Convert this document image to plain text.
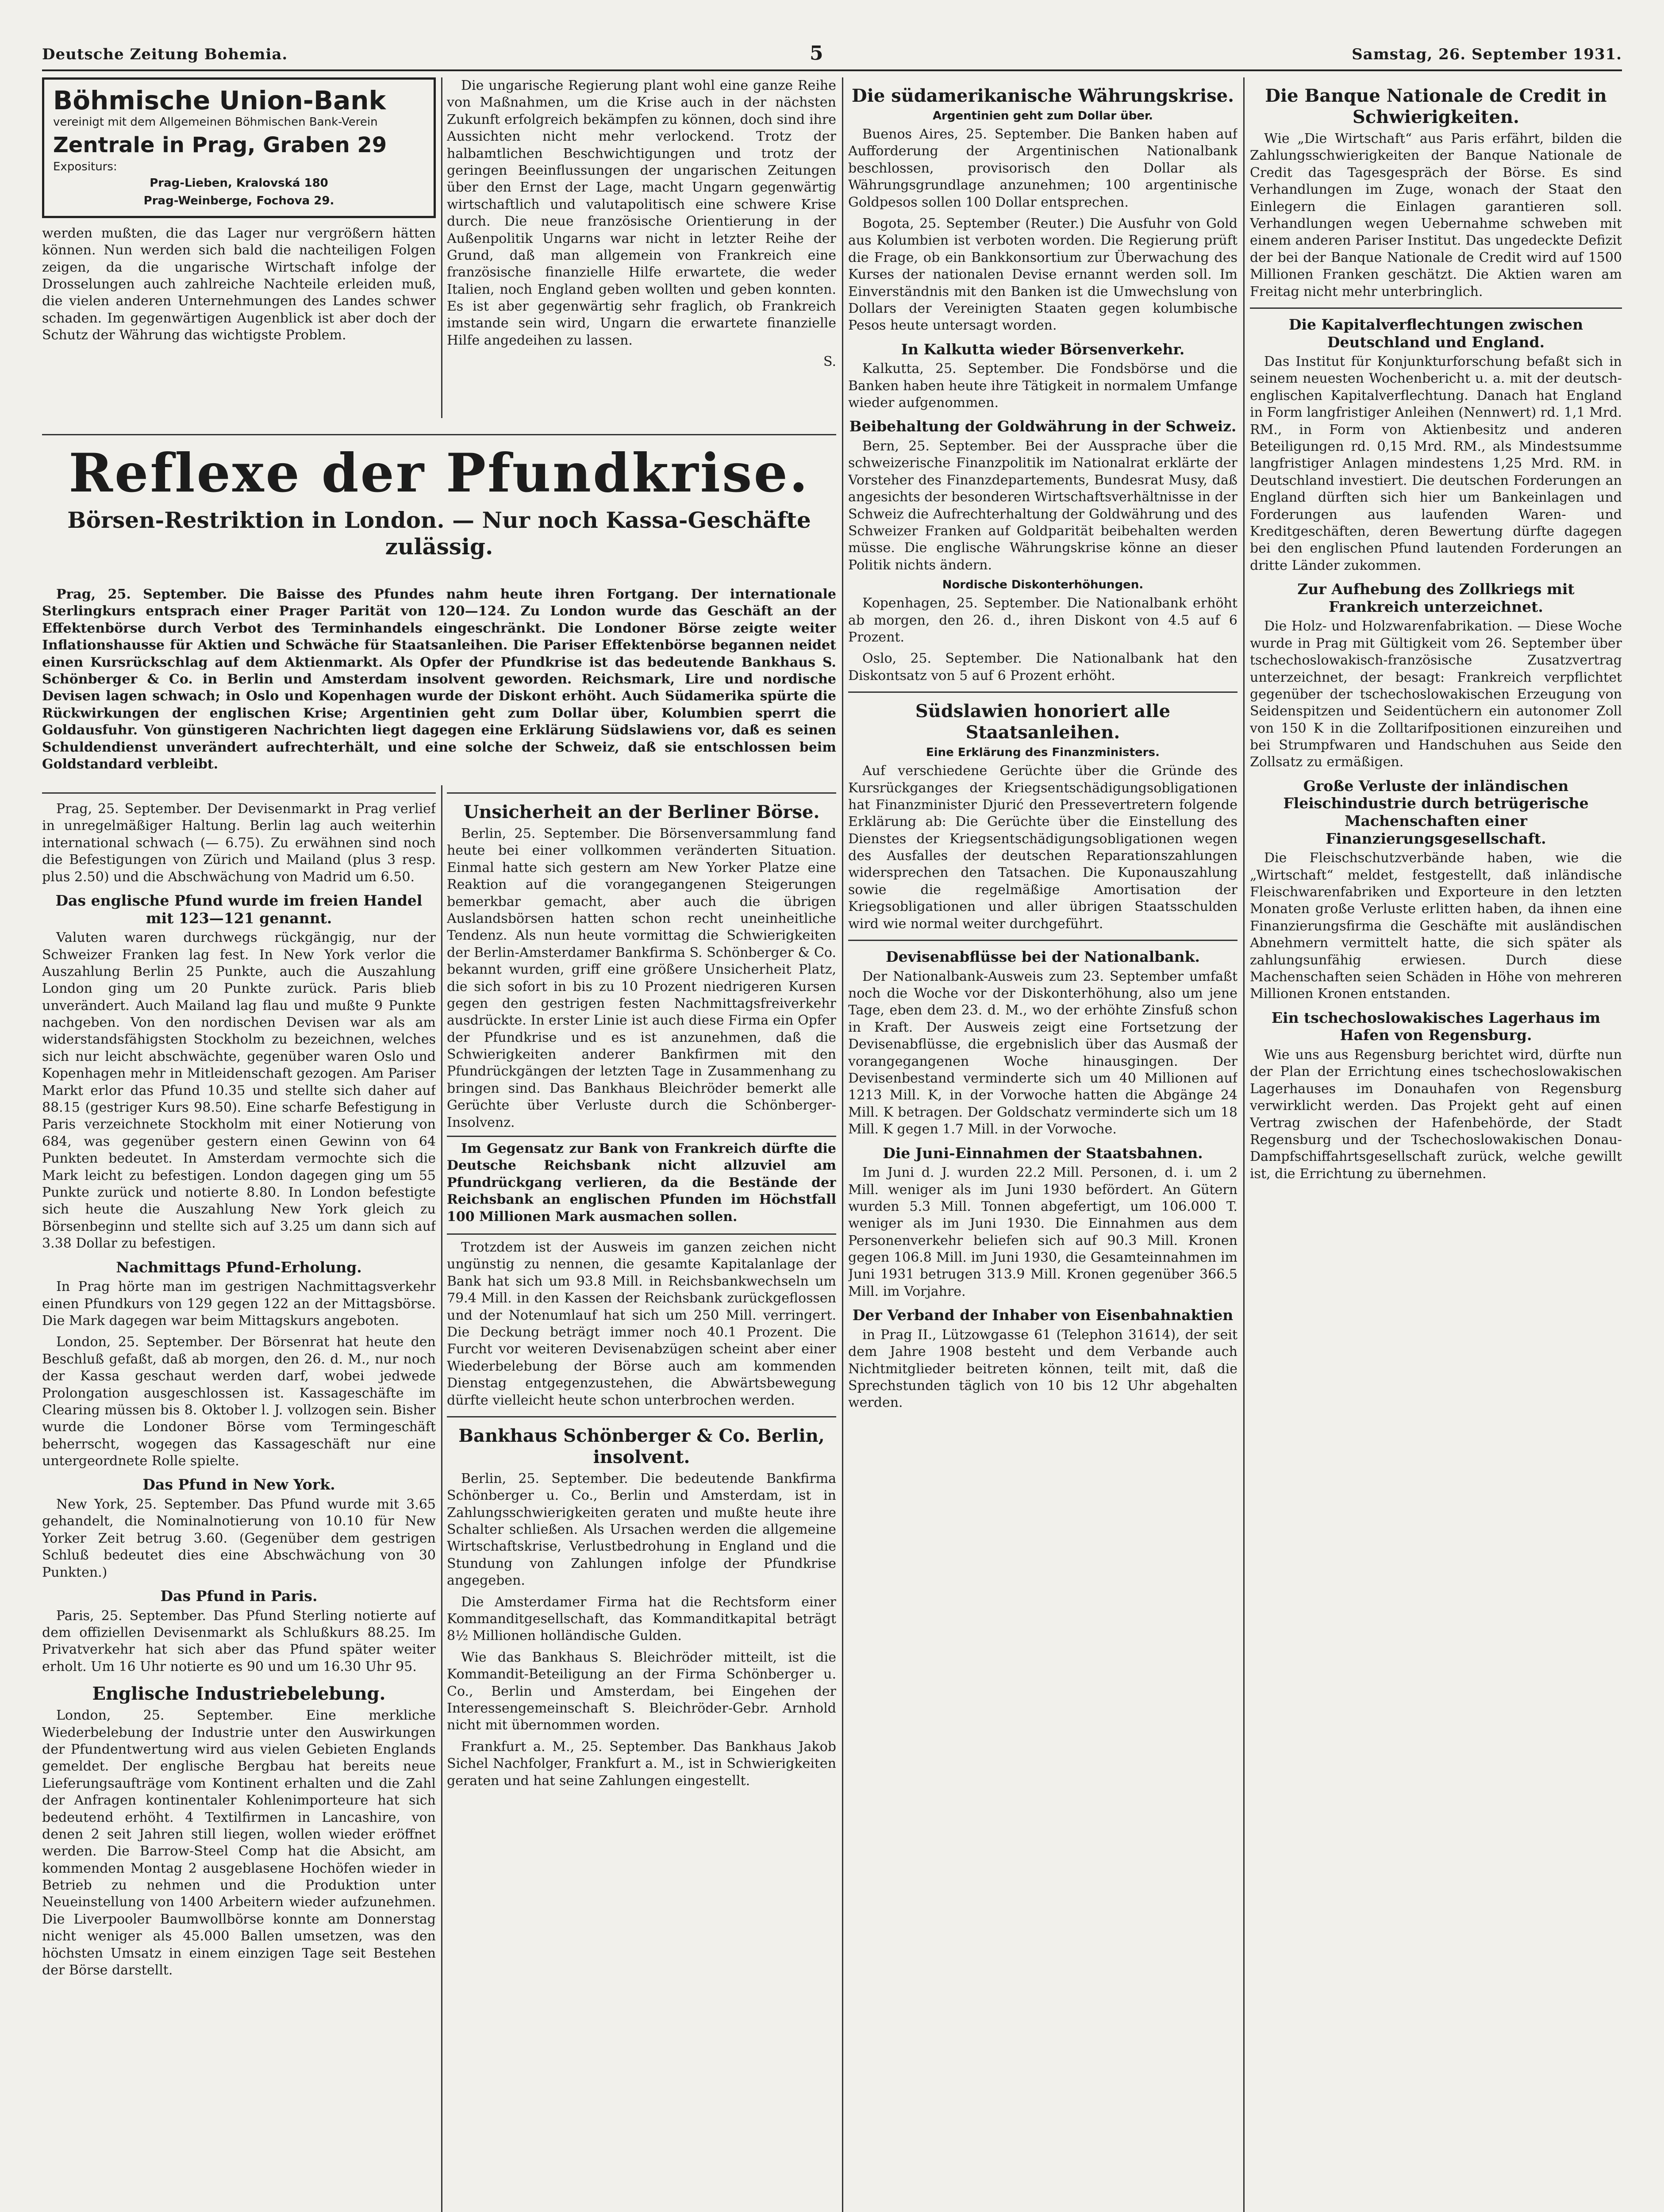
Deutsche Zeitung Bohemia.	5	Samstag, 26. September 1931.
Böhmische Union-Bank
vereinigt mit dem Allgemeinen Böhmischen Bank-Verein
Zentrale in Prag, Graben 29
Expositurs:
Prag-Lieben, Kralovská 180
Prag-Weinberge, Fochova 29.

werden mußten, die das Lager nur vergrößern hätten können. Nun werden sich bald die nachteiligen Folgen zeigen, da die ungarische Wirtschaft infolge der Drosselungen auch zahlreiche Nachteile erleiden muß, die vielen anderen Unternehmungen des Landes schwer schaden. Im gegenwärtigen Augenblick ist aber doch der Schutz der Währung das wichtigste Problem.

Die ungarische Regierung plant wohl eine ganze Reihe von Maßnahmen, um die Krise auch in der nächsten Zukunft erfolgreich bekämpfen zu können, doch sind ihre Aussichten nicht mehr verlockend. Trotz der halbamtlichen Beschwichtigungen und trotz der geringen Beeinflussungen der ungarischen Zeitungen über den Ernst der Lage, macht Ungarn gegenwärtig wirtschaftlich und valutapolitisch eine schwere Krise durch. Die neue französische Orientierung in der Außenpolitik Ungarns war nicht in letzter Reihe der Grund, daß man allgemein von Frankreich eine französische finanzielle Hilfe erwartete, die weder Italien, noch England geben wollten und geben konnten. Es ist aber gegenwärtig sehr fraglich, ob Frankreich imstande sein wird, Ungarn die erwartete finanzielle Hilfe angedeihen zu lassen.

S.

Reflexe der Pfundkrise.
Börsen-Restriktion in London. — Nur noch Kassa-Geschäfte zulässig.

Prag, 25. September. Die Baisse des Pfundes nahm heute ihren Fortgang. Der internationale Sterlingkurs entsprach einer Prager Parität von 120—124. Zu London wurde das Geschäft an der Effektenbörse durch Verbot des Terminhandels eingeschränkt. Die Londoner Börse zeigte weiter Inflationshausse für Aktien und Schwäche für Staatsanleihen. Die Pariser Effektenbörse begannen neidet einen Kursrückschlag auf dem Aktienmarkt. Als Opfer der Pfundkrise ist das bedeutende Bankhaus S. Schönberger & Co. in Berlin und Amsterdam insolvent geworden. Reichsmark, Lire und nordische Devisen lagen schwach; in Oslo und Kopenhagen wurde der Diskont erhöht. Auch Südamerika spürte die Rückwirkungen der englischen Krise; Argentinien geht zum Dollar über, Kolumbien sperrt die Goldausfuhr. Von günstigeren Nachrichten liegt dagegen eine Erklärung Südslawiens vor, daß es seinen Schuldendienst unverändert aufrechterhält, und eine solche der Schweiz, daß sie entschlossen beim Goldstandard verbleibt.

Prag, 25. September. Der Devisenmarkt in Prag verlief in unregelmäßiger Haltung. Berlin lag auch weiterhin international schwach (— 6.75). Zu erwähnen sind noch die Befestigungen von Zürich und Mailand (plus 3 resp. plus 2.50) und die Abschwächung von Madrid um 6.50.

Das englische Pfund wurde im freien Handel mit 123—121 genannt.

Valuten waren durchwegs rückgängig, nur der Schweizer Franken lag fest. In New York verlor die Auszahlung Berlin 25 Punkte, auch die Auszahlung London ging um 20 Punkte zurück. Paris blieb unverändert. Auch Mailand lag flau und mußte 9 Punkte nachgeben. Von den nordischen Devisen war als am widerstandsfähigsten Stockholm zu bezeichnen, welches sich nur leicht abschwächte, gegenüber waren Oslo und Kopenhagen mehr in Mitleidenschaft gezogen. Am Pariser Markt erlor das Pfund 10.35 und stellte sich daher auf 88.15 (gestriger Kurs 98.50). Eine scharfe Befestigung in Paris verzeichnete Stockholm mit einer Notierung von 684, was gegenüber gestern einen Gewinn von 64 Punkten bedeutet. In Amsterdam vermochte sich die Mark leicht zu befestigen. London dagegen ging um 55 Punkte zurück und notierte 8.80. In London befestigte sich heute die Auszahlung New York gleich zu Börsenbeginn und stellte sich auf 3.25 um dann sich auf 3.38 Dollar zu befestigen.

Nachmittags Pfund-Erholung.

In Prag hörte man im gestrigen Nachmittagsverkehr einen Pfundkurs von 129 gegen 122 an der Mittagsbörse. Die Mark dagegen war beim Mittagskurs angeboten.

London, 25. September. Der Börsenrat hat heute den Beschluß gefaßt, daß ab morgen, den 26. d. M., nur noch der Kassa geschaut werden darf, wobei jedwede Prolongation ausgeschlossen ist. Kassageschäfte im Clearing müssen bis 8. Oktober l. J. vollzogen sein. Bisher wurde die Londoner Börse vom Termingeschäft beherrscht, wogegen das Kassageschäft nur eine untergeordnete Rolle spielte.

Das Pfund in New York.

New York, 25. September. Das Pfund wurde mit 3.65 gehandelt, die Nominalnotierung von 10.10 für New Yorker Zeit betrug 3.60. (Gegenüber dem gestrigen Schluß bedeutet dies eine Abschwächung von 30 Punkten.)

Das Pfund in Paris.

Paris, 25. September. Das Pfund Sterling notierte auf dem offiziellen Devisenmarkt als Schlußkurs 88.25. Im Privatverkehr hat sich aber das Pfund später weiter erholt. Um 16 Uhr notierte es 90 und um 16.30 Uhr 95.

Englische Industriebelebung.

London, 25. September. Eine merkliche Wiederbelebung der Industrie unter den Auswirkungen der Pfundentwertung wird aus vielen Gebieten Englands gemeldet. Der englische Bergbau hat bereits neue Lieferungsaufträge vom Kontinent erhalten und die Zahl der Anfragen kontinentaler Kohlenimporteure hat sich bedeutend erhöht. 4 Textilfirmen in Lancashire, von denen 2 seit Jahren still liegen, wollen wieder eröffnet werden. Die Barrow-Steel Comp hat die Absicht, am kommenden Montag 2 ausgeblasene Hochöfen wieder in Betrieb zu nehmen und die Produktion unter Neueinstellung von 1400 Arbeitern wieder aufzunehmen. Die Liverpooler Baumwollbörse konnte am Donnerstag nicht weniger als 45.000 Ballen umsetzen, was den höchsten Umsatz in einem einzigen Tage seit Bestehen der Börse darstellt.

Unsicherheit an der Berliner Börse.

Berlin, 25. September. Die Börsenversammlung fand heute bei einer vollkommen veränderten Situation. Einmal hatte sich gestern am New Yorker Platze eine Reaktion auf die vorangegangenen Steigerungen bemerkbar gemacht, aber auch die übrigen Auslandsbörsen hatten schon recht uneinheitliche Tendenz. Als nun heute vormittag die Schwierigkeiten der Berlin-Amsterdamer Bankfirma S. Schönberger & Co. bekannt wurden, griff eine größere Unsicherheit Platz, die sich sofort in bis zu 10 Prozent niedrigeren Kursen gegen den gestrigen festen Nachmittagsfreiverkehr ausdrückte. In erster Linie ist auch diese Firma ein Opfer der Pfundkrise und es ist anzunehmen, daß die Schwierigkeiten anderer Bankfirmen mit den Pfundrückgängen der letzten Tage in Zusammenhang zu bringen sind. Das Bankhaus Bleichröder bemerkt alle Gerüchte über Verluste durch die Schönberger-Insolvenz.

Im Gegensatz zur Bank von Frankreich dürfte die Deutsche Reichsbank nicht allzuviel am Pfundrückgang verlieren, da die Bestände der Reichsbank an englischen Pfunden im Höchstfall 100 Millionen Mark ausmachen sollen.

Trotzdem ist der Ausweis im ganzen zeichen nicht ungünstig zu nennen, die gesamte Kapitalanlage der Bank hat sich um 93.8 Mill. in Reichsbankwechseln um 79.4 Mill. in den Kassen der Reichsbank zurückgeflossen und der Notenumlauf hat sich um 250 Mill. verringert. Die Deckung beträgt immer noch 40.1 Prozent. Die Furcht vor weiteren Devisenabzügen scheint aber einer Wiederbelebung der Börse auch am kommenden Dienstag entgegenzustehen, die Abwärtsbewegung dürfte vielleicht heute schon unterbrochen werden.

Bankhaus Schönberger & Co. Berlin, insolvent.

Berlin, 25. September. Die bedeutende Bankfirma Schönberger u. Co., Berlin und Amsterdam, ist in Zahlungsschwierigkeiten geraten und mußte heute ihre Schalter schließen. Als Ursachen werden die allgemeine Wirtschaftskrise, Verlustbedrohung in England und die Stundung von Zahlungen infolge der Pfundkrise angegeben.

Die Amsterdamer Firma hat die Rechtsform einer Kommanditgesellschaft, das Kommanditkapital beträgt 8½ Millionen holländische Gulden.

Wie das Bankhaus S. Bleichröder mitteilt, ist die Kommandit-Beteiligung an der Firma Schönberger u. Co., Berlin und Amsterdam, bei Eingehen der Interessengemeinschaft S. Bleichröder-Gebr. Arnhold nicht mit übernommen worden.

Frankfurt a. M., 25. September. Das Bankhaus Jakob Sichel Nachfolger, Frankfurt a. M., ist in Schwierigkeiten geraten und hat seine Zahlungen eingestellt.

Die südamerikanische Währungskrise.
Argentinien geht zum Dollar über.

Buenos Aires, 25. September. Die Banken haben auf Aufforderung der Argentinischen Nationalbank beschlossen, provisorisch den Dollar als Währungsgrundlage anzunehmen; 100 argentinische Goldpesos sollen 100 Dollar entsprechen.

Bogota, 25. September (Reuter.) Die Ausfuhr von Gold aus Kolumbien ist verboten worden. Die Regierung prüft die Frage, ob ein Bankkonsortium zur Überwachung des Kurses der nationalen Devise ernannt werden soll. Im Einverständnis mit den Banken ist die Umwechslung von Dollars der Vereinigten Staaten gegen kolumbische Pesos heute untersagt worden.

In Kalkutta wieder Börsenverkehr.

Kalkutta, 25. September. Die Fondsbörse und die Banken haben heute ihre Tätigkeit in normalem Umfange wieder aufgenommen.

Beibehaltung der Goldwährung in der Schweiz.

Bern, 25. September. Bei der Aussprache über die schweizerische Finanzpolitik im Nationalrat erklärte der Vorsteher des Finanzdepartements, Bundesrat Musy, daß angesichts der besonderen Wirtschaftsverhältnisse in der Schweiz die Aufrechterhaltung der Goldwährung und des Schweizer Franken auf Goldparität beibehalten werden müsse. Die englische Währungskrise könne an dieser Politik nichts ändern.

Nordische Diskonterhöhungen.

Kopenhagen, 25. September. Die Nationalbank erhöht ab morgen, den 26. d., ihren Diskont von 4.5 auf 6 Prozent.

Oslo, 25. September. Die Nationalbank hat den Diskontsatz von 5 auf 6 Prozent erhöht.

Südslawien honoriert alle Staatsanleihen.
Eine Erklärung des Finanzministers.

Auf verschiedene Gerüchte über die Gründe des Kursrückganges der Kriegsentschädigungsobligationen hat Finanzminister Djurić den Pressevertretern folgende Erklärung ab: Die Gerüchte über die Einstellung des Dienstes der Kriegsentschädigungsobligationen wegen des Ausfalles der deutschen Reparationszahlungen widersprechen den Tatsachen. Die Kuponauszahlung sowie die regelmäßige Amortisation der Kriegsobligationen und aller übrigen Staatsschulden wird wie normal weiter durchgeführt.

Devisenabflüsse bei der Nationalbank.

Der Nationalbank-Ausweis zum 23. September umfaßt noch die Woche vor der Diskonterhöhung, also um jene Tage, eben dem 23. d. M., wo der erhöhte Zinsfuß schon in Kraft. Der Ausweis zeigt eine Fortsetzung der Devisenabflüsse, die ergebnislich über das Ausmaß der vorangegangenen Woche hinausgingen. Der Devisenbestand verminderte sich um 40 Millionen auf 1213 Mill. K, in der Vorwoche hatten die Abgänge 24 Mill. K betragen. Der Goldschatz verminderte sich um 18 Mill. K gegen 1.7 Mill. in der Vorwoche.

Die Juni-Einnahmen der Staatsbahnen.

Im Juni d. J. wurden 22.2 Mill. Personen, d. i. um 2 Mill. weniger als im Juni 1930 befördert. An Gütern wurden 5.3 Mill. Tonnen abgefertigt, um 106.000 T. weniger als im Juni 1930. Die Einnahmen aus dem Personenverkehr beliefen sich auf 90.3 Mill. Kronen gegen 106.8 Mill. im Juni 1930, die Gesamteinnahmen im Juni 1931 betrugen 313.9 Mill. Kronen gegenüber 366.5 Mill. im Vorjahre.

Der Verband der Inhaber von Eisenbahnaktien

in Prag II., Lützowgasse 61 (Telephon 31614), der seit dem Jahre 1908 besteht und dem Verbande auch Nichtmitglieder beitreten können, teilt mit, daß die Sprechstunden täglich von 10 bis 12 Uhr abgehalten werden.

Die Banque Nationale de Credit in Schwierigkeiten.

Wie „Die Wirtschaft“ aus Paris erfährt, bilden die Zahlungsschwierigkeiten der Banque Nationale de Credit das Tagesgespräch der Börse. Es sind Verhandlungen im Zuge, wonach der Staat den Einlegern die Einlagen garantieren soll. Verhandlungen wegen Uebernahme schweben mit einem anderen Pariser Institut. Das ungedeckte Defizit der bei der Banque Nationale de Credit wird auf 1500 Millionen Franken geschätzt. Die Aktien waren am Freitag nicht mehr unterbringlich.

Die Kapitalverflechtungen zwischen Deutschland und England.

Das Institut für Konjunkturforschung befaßt sich in seinem neuesten Wochenbericht u. a. mit der deutsch-englischen Kapitalverflechtung. Danach hat England in Form langfristiger Anleihen (Nennwert) rd. 1,1 Mrd. RM., in Form von Aktienbesitz und anderen Beteiligungen rd. 0,15 Mrd. RM., als Mindestsumme langfristiger Anlagen mindestens 1,25 Mrd. RM. in Deutschland investiert. Die deutschen Forderungen an England dürften sich hier um Bankeinlagen und Forderungen aus laufenden Waren- und Kreditgeschäften, deren Bewertung dürfte dagegen bei den englischen Pfund lautenden Forderungen an dritte Länder zukommen.

Zur Aufhebung des Zollkriegs mit Frankreich unterzeichnet.

Die Holz- und Holzwarenfabrikation. — Diese Woche wurde in Prag mit Gültigkeit vom 26. September über tschechoslowakisch-französische Zusatzvertrag unterzeichnet, der besagt: Frankreich verpflichtet gegenüber der tschechoslowakischen Erzeugung von Seidenspitzen und Seidentüchern ein autonomer Zoll von 150 K in die Zolltarifpositionen einzureihen und bei Strumpfwaren und Handschuhen aus Seide den Zollsatz zu ermäßigen.

Große Verluste der inländischen Fleischindustrie durch betrügerische Machenschaften einer Finanzierungsgesellschaft.

Die Fleischschutzverbände haben, wie die „Wirtschaft“ meldet, festgestellt, daß inländische Fleischwarenfabriken und Exporteure in den letzten Monaten große Verluste erlitten haben, da ihnen eine Finanzierungsfirma die Geschäfte mit ausländischen Abnehmern vermittelt hatte, die sich später als zahlungsunfähig erwiesen. Durch diese Machenschaften seien Schäden in Höhe von mehreren Millionen Kronen entstanden.

Ein tschechoslowakisches Lagerhaus im Hafen von Regensburg.

Wie uns aus Regensburg berichtet wird, dürfte nun der Plan der Errichtung eines tschechoslowakischen Lagerhauses im Donauhafen von Regensburg verwirklicht werden. Das Projekt geht auf einen Vertrag zwischen der Hafenbehörde, der Stadt Regensburg und der Tschechoslowakischen Donau-Dampfschiffahrtsgesellschaft zurück, welche gewillt ist, die Errichtung zu übernehmen.
